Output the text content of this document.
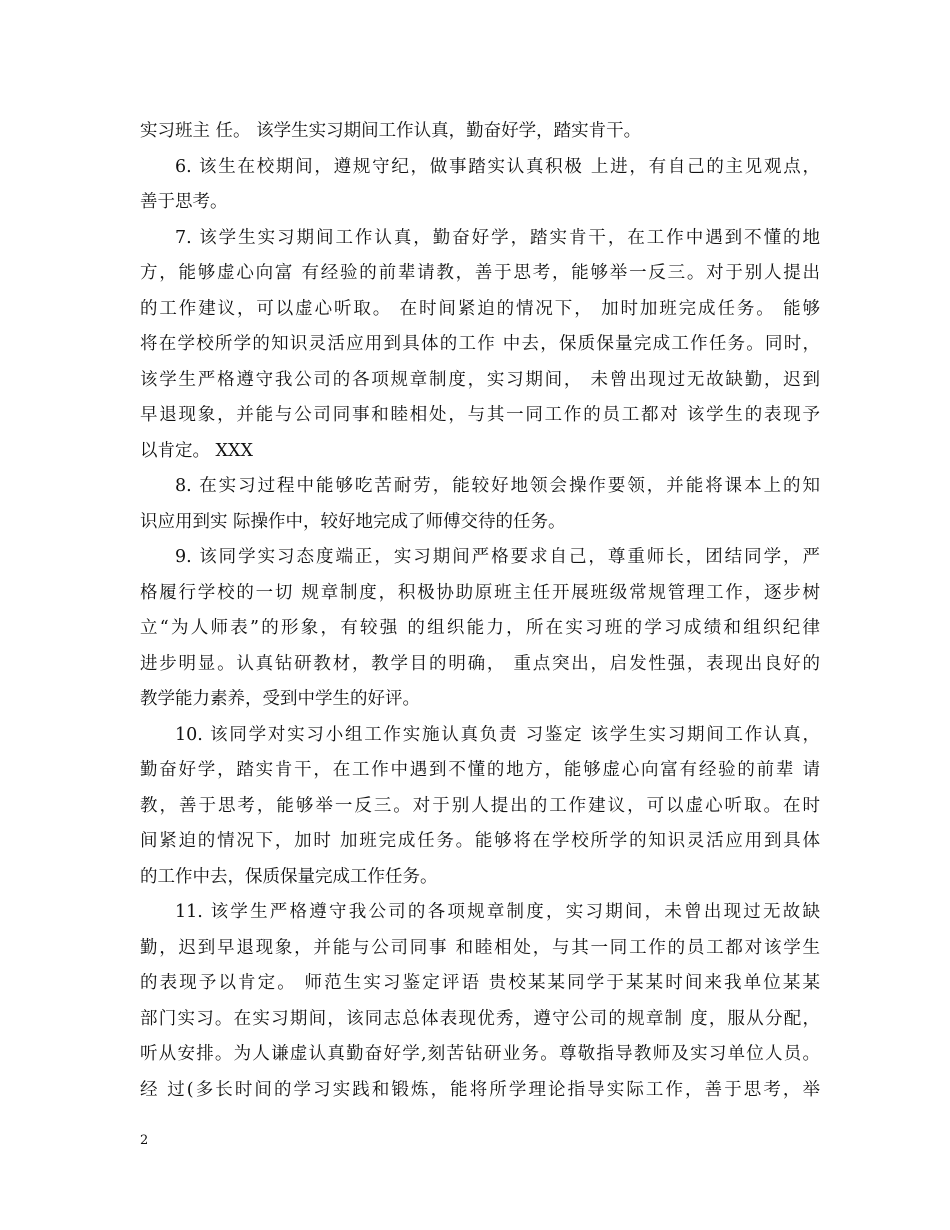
实习班主 任。 该学生实习期间工作认真，勤奋好学，踏实肯干。
6. 该生在校期间，遵规守纪，做事踏实认真积极 上进，有自己的主见观点，
善于思考。
7. 该学生实习期间工作认真，勤奋好学，踏实肯干，在工作中遇到不懂的地
方，能够虚心向富 有经验的前辈请教，善于思考，能够举一反三。对于别人提出
的工作建议，可以虚心听取。 在时间紧迫的情况下， 加时加班完成任务。 能够
将在学校所学的知识灵活应用到具体的工作 中去，保质保量完成工作任务。同时，
该学生严格遵守我公司的各项规章制度，实习期间， 未曾出现过无故缺勤，迟到
早退现象，并能与公司同事和睦相处，与其一同工作的员工都对 该学生的表现予
以肯定。 XXX
8. 在实习过程中能够吃苦耐劳，能较好地领会操作要领，并能将课本上的知
识应用到实 际操作中，较好地完成了师傅交待的任务。
9. 该同学实习态度端正，实习期间严格要求自己，尊重师长，团结同学，严
格履行学校的一切 规章制度，积极协助原班主任开展班级常规管理工作，逐步树
立“为人师表”的形象，有较强 的组织能力，所在实习班的学习成绩和组织纪律
进步明显。认真钻研教材，教学目的明确， 重点突出，启发性强，表现出良好的
教学能力素养，受到中学生的好评。
10. 该同学对实习小组工作实施认真负责 习鉴定 该学生实习期间工作认真，
勤奋好学，踏实肯干，在工作中遇到不懂的地方，能够虚心向富有经验的前辈 请
教，善于思考，能够举一反三。对于别人提出的工作建议，可以虚心听取。在时
间紧迫的情况下，加时 加班完成任务。能够将在学校所学的知识灵活应用到具体
的工作中去，保质保量完成工作任务。
11. 该学生严格遵守我公司的各项规章制度，实习期间，未曾出现过无故缺
勤，迟到早退现象，并能与公司同事 和睦相处，与其一同工作的员工都对该学生
的表现予以肯定。 师范生实习鉴定评语 贵校某某同学于某某时间来我单位某某
部门实习。在实习期间，该同志总体表现优秀，遵守公司的规章制 度，服从分配，
听从安排。为人谦虚认真勤奋好学,刻苦钻研业务。尊敬指导教师及实习单位人员。
经 过(多长时间的学习实践和锻炼，能将所学理论指导实际工作，善于思考，举
2
